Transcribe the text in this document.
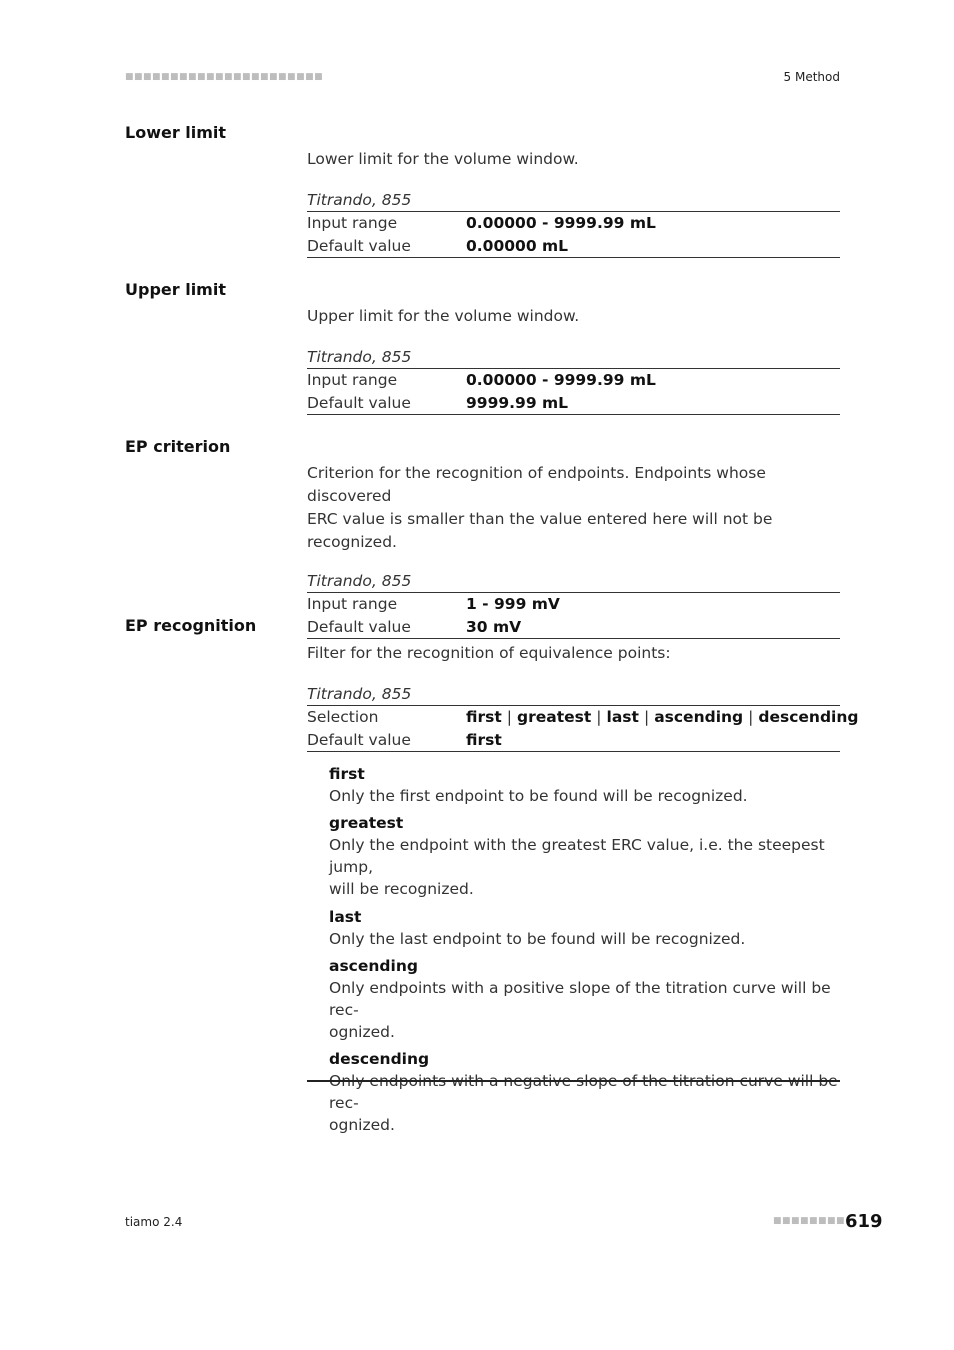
■■■■■■■■■■■■■■■■■■■■■■	5 Method
Lower limit

Lower limit for the volume window.

Titrando, 855
Input range	0.00000 - 9999.99 mL
Default value	0.00000 mL
Upper limit

Upper limit for the volume window.

Titrando, 855
Input range	0.00000 - 9999.99 mL
Default value	9999.99 mL
EP criterion

Criterion for the recognition of endpoints. Endpoints whose discovered

ERC value is smaller than the value entered here will not be recognized.

Titrando, 855
Input range	1 - 999 mV
Default value	30 mV
EP recognition

Filter for the recognition of equivalence points:

Titrando, 855
Selection	first | greatest | last | ascending | descending
Default value	first
first
Only the first endpoint to be found will be recognized.
greatest
Only the endpoint with the greatest ERC value, i.e. the steepest jump,
will be recognized.
last
Only the last endpoint to be found will be recognized.
ascending
Only endpoints with a positive slope of the titration curve will be rec-
ognized.
descending
Only endpoints with a negative slope of the titration curve will be rec-
ognized.
tiamo 2.4	■■■■■■■■ 619
